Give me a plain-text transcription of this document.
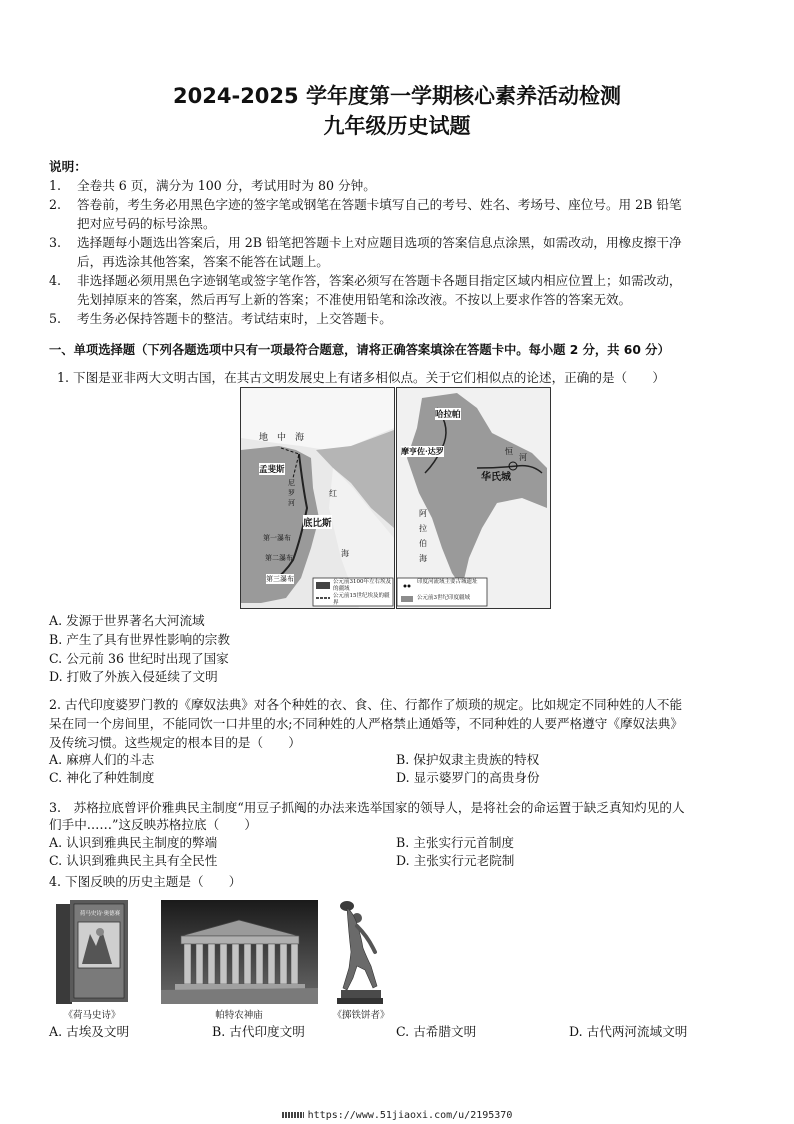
2024-2025 学年度第一学期核心素养活动检测
九年级历史试题
说明：
1. 全卷共 6 页，满分为 100 分，考试用时为 80 分钟。
2. 答卷前，考生务必用黑色字迹的签字笔或钢笔在答题卡填写自己的考号、姓名、考场号、座位号。用 2B 铅笔
把对应号码的标号涂黑。
3. 选择题每小题选出答案后，用 2B 铅笔把答题卡上对应题目选项的答案信息点涂黑，如需改动，用橡皮擦干净
后，再选涂其他答案，答案不能答在试题上。
4. 非选择题必须用黑色字迹钢笔或签字笔作答，答案必须写在答题卡各题目指定区域内相应位置上；如需改动，
先划掉原来的答案，然后再写上新的答案；不准使用铅笔和涂改液。不按以上要求作答的答案无效。
5. 考生务必保持答题卡的整洁。考试结束时，上交答题卡。
一、单项选择题（下列各题选项中只有一项最符合题意，请将正确答案填涂在答题卡中。每小题 2 分，共 60 分）
1. 下图是亚非两大文明古国，在其古文明发展史上有诸多相似点。关于它们相似点的论述，正确的是（　　）
地　中　海
孟斐斯
底比斯
红
海
第一瀑布
第二瀑布
第三瀑布
尼
罗
河
公元前3100年左右埃及的疆域
公元前15世纪埃及的疆界
哈拉帕
摩亨佐·达罗
华氏城
恒
河
阿
拉
伯
海
印度河流域主要古城遗址
公元前3世纪印度疆域
A. 发源于世界著名大河流域
B. 产生了具有世界性影响的宗教
C. 公元前 36 世纪时出现了国家
D. 打败了外族入侵延续了文明
2. 古代印度婆罗门教的《摩奴法典》对各个种姓的衣、食、住、行都作了烦琐的规定。比如规定不同种姓的人不能
呆在同一个房间里，不能同饮一口井里的水;不同种姓的人严格禁止通婚等，不同种姓的人要严格遵守《摩奴法典》
及传统习惯。这些规定的根本目的是（　　）
A. 麻痹人们的斗志	B. 保护奴隶主贵族的特权
C. 神化了种姓制度	D. 显示婆罗门的高贵身份
3.　苏格拉底曾评价雅典民主制度“用豆子抓阄的办法来选举国家的领导人，是将社会的命运置于缺乏真知灼见的人
们手中……”这反映苏格拉底（　　）
A. 认识到雅典民主制度的弊端	B. 主张实行元首制度
C. 认识到雅典民主具有全民性	D. 主张实行元老院制
4. 下图反映的历史主题是（　　）
荷马史诗·奥德赛
《荷马史诗》	帕特农神庙	《掷铁饼者》
A. 古埃及文明	B. 古代印度文明	C. 古希腊文明	D. 古代两河流域文明
https://www.51jiaoxi.com/u/2195370
